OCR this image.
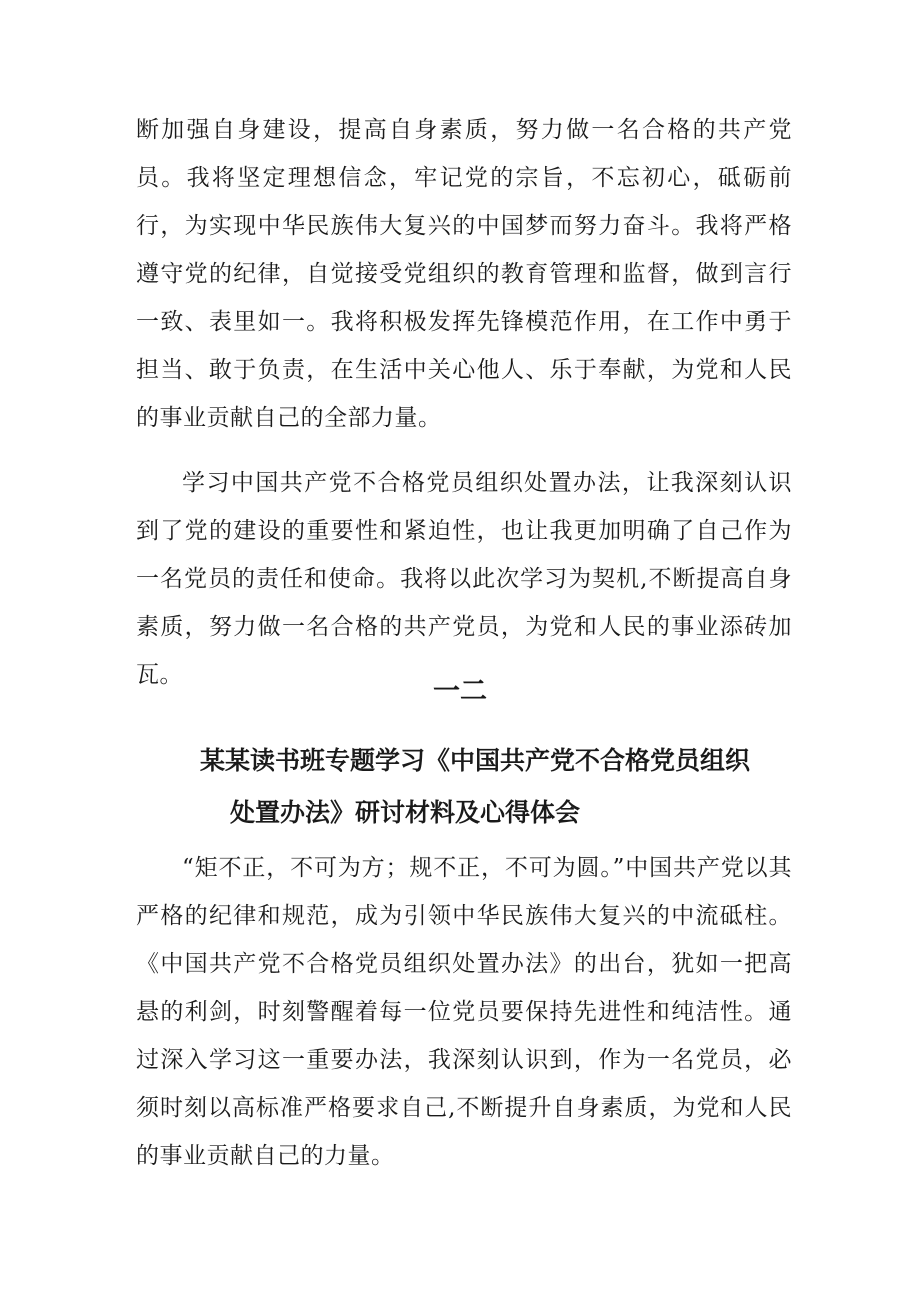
断加强自身建设，提高自身素质，努力做一名合格的共产党员。我将坚定理想信念，牢记党的宗旨，不忘初心，砥砺前行，为实现中华民族伟大复兴的中国梦而努力奋斗。我将严格遵守党的纪律，自觉接受党组织的教育管理和监督，做到言行一致、表里如一。我将积极发挥先锋模范作用，在工作中勇于担当、敢于负责，在生活中关心他人、乐于奉献，为党和人民的事业贡献自己的全部力量。

学习中国共产党不合格党员组织处置办法，让我深刻认识到了党的建设的重要性和紧迫性，也让我更加明确了自己作为一名党员的责任和使命。我将以此次学习为契机,不断提高自身素质，努力做一名合格的共产党员，为党和人民的事业添砖加瓦。

一二
某某读书班专题学习《中国共产党不合格党员组织
处置办法》研讨材料及心得体会

“矩不正，不可为方；规不正，不可为圆。”中国共产党以其严格的纪律和规范，成为引领中华民族伟大复兴的中流砥柱。《中国共产党不合格党员组织处置办法》的出台，犹如一把高悬的利剑，时刻警醒着每一位党员要保持先进性和纯洁性。通过深入学习这一重要办法，我深刻认识到，作为一名党员，必须时刻以高标准严格要求自己,不断提升自身素质，为党和人民的事业贡献自己的力量。
